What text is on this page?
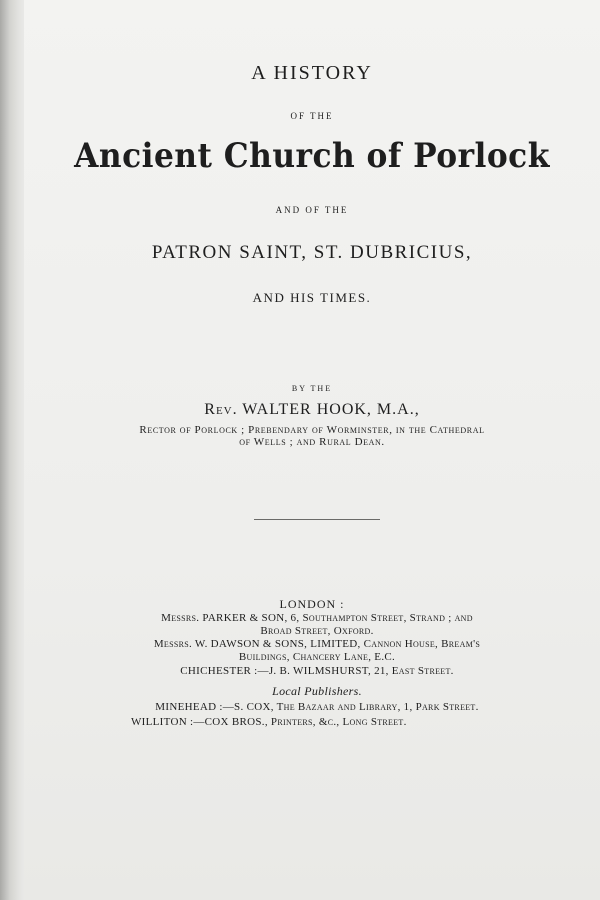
A HISTORY
OF THE
Ancient Church of Porlock
AND OF THE
PATRON SAINT, ST. DUBRICIUS,
AND HIS TIMES.
BY THE
Rev. WALTER HOOK, M.A.,
Rector of Porlock ; Prebendary of Worminster, in the Cathedral
of Wells ; and Rural Dean.
LONDON :
Messrs. PARKER & SON, 6, Southampton Street, Strand ; and
Broad Street, Oxford.
Messrs. W. DAWSON & SONS, LIMITED, Cannon House, Bream's
Buildings, Chancery Lane, E.C.
CHICHESTER :—J. B. WILMSHURST, 21, East Street.
Local Publishers.
MINEHEAD :—S. COX, The Bazaar and Library, 1, Park Street.
WILLITON :—COX BROS., Printers, &c., Long Street.
